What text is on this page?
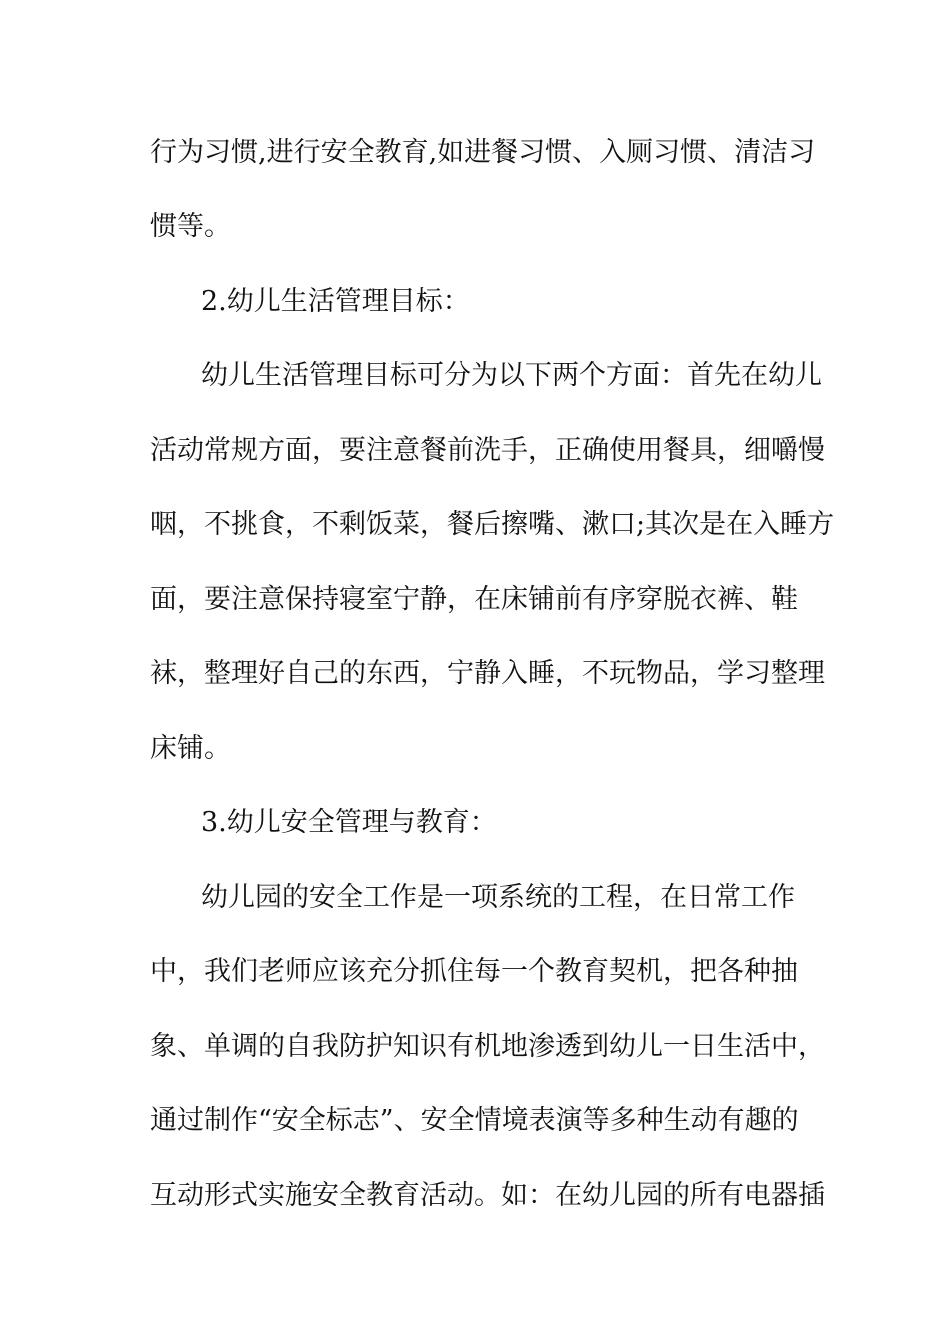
行为习惯,进行安全教育,如进餐习惯、入厕习惯、清洁习
惯等。
2.幼儿生活管理目标：
幼儿生活管理目标可分为以下两个方面：首先在幼儿
活动常规方面，要注意餐前洗手，正确使用餐具，细嚼慢
咽，不挑食，不剩饭菜，餐后擦嘴、漱口;其次是在入睡方
面，要注意保持寝室宁静，在床铺前有序穿脱衣裤、鞋
袜，整理好自己的东西，宁静入睡，不玩物品，学习整理
床铺。
3.幼儿安全管理与教育：
幼儿园的安全工作是一项系统的工程，在日常工作
中，我们老师应该充分抓住每一个教育契机，把各种抽
象、单调的自我防护知识有机地渗透到幼儿一日生活中，
通过制作“安全标志”、安全情境表演等多种生动有趣的
互动形式实施安全教育活动。如：在幼儿园的所有电器插
